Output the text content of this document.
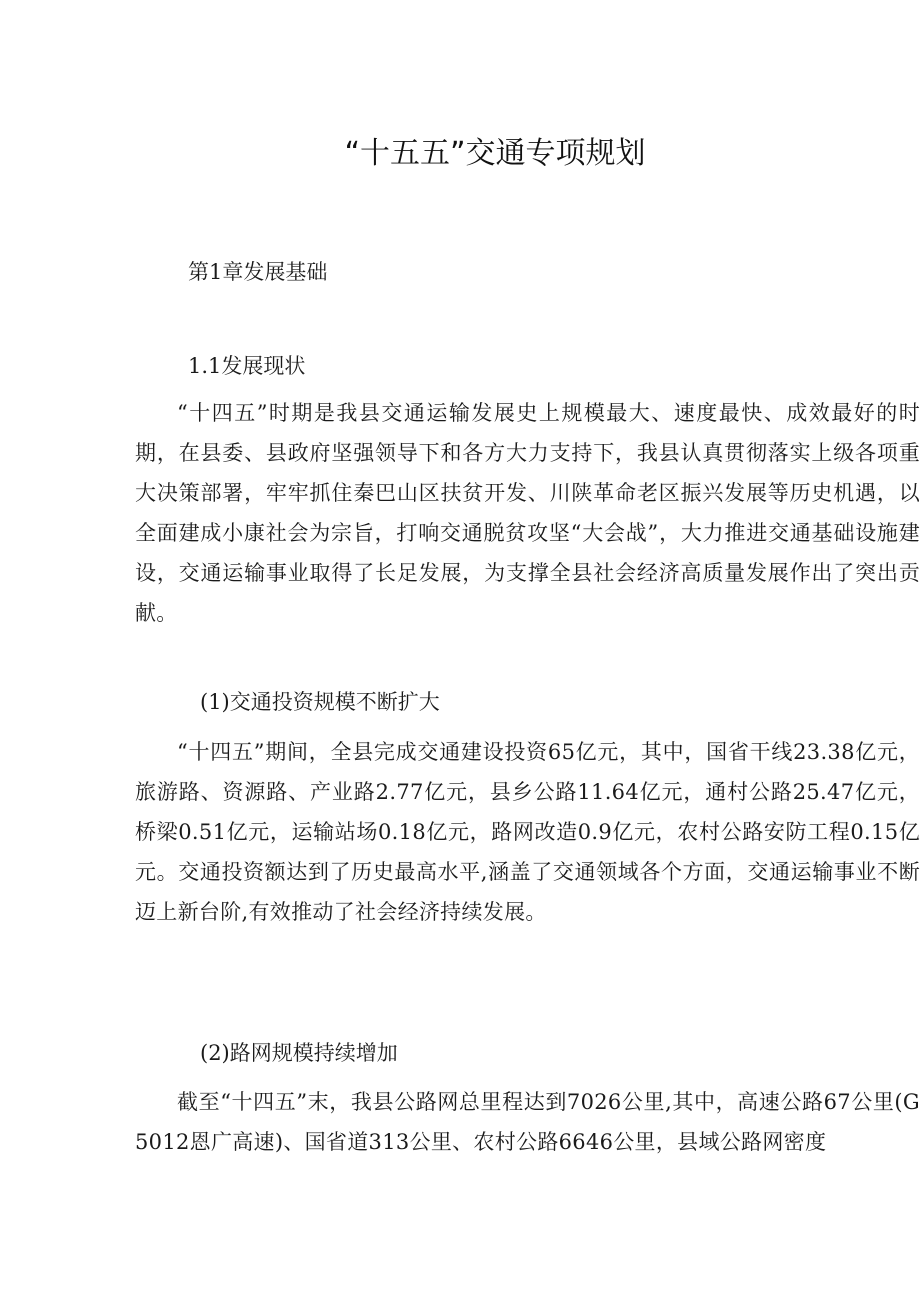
“十五五”交通专项规划
第1章发展基础
1.1发展现状
“十四五”时期是我县交通运输发展史上规模最大、速度最快、成效最好的时期，在县委、县政府坚强领导下和各方大力支持下，我县认真贯彻落实上级各项重大决策部署，牢牢抓住秦巴山区扶贫开发、川陕革命老区振兴发展等历史机遇，以全面建成小康社会为宗旨，打响交通脱贫攻坚“大会战”，大力推进交通基础设施建设，交通运输事业取得了长足发展，为支撑全县社会经济高质量发展作出了突出贡献。
(1)交通投资规模不断扩大
“十四五”期间，全县完成交通建设投资65亿元，其中，国省干线23.38亿元，旅游路、资源路、产业路2.77亿元，县乡公路11.64亿元，通村公路25.47亿元，桥梁0.51亿元，运输站场0.18亿元，路网改造0.9亿元，农村公路安防工程0.15亿元。交通投资额达到了历史最高水平,涵盖了交通领域各个方面，交通运输事业不断迈上新台阶,有效推动了社会经济持续发展。
(2)路网规模持续增加
截至“十四五”末，我县公路网总里程达到7026公里,其中，高速公路67公里(G5012恩广高速)、国省道313公里、农村公路6646公里，县域公路网密度
